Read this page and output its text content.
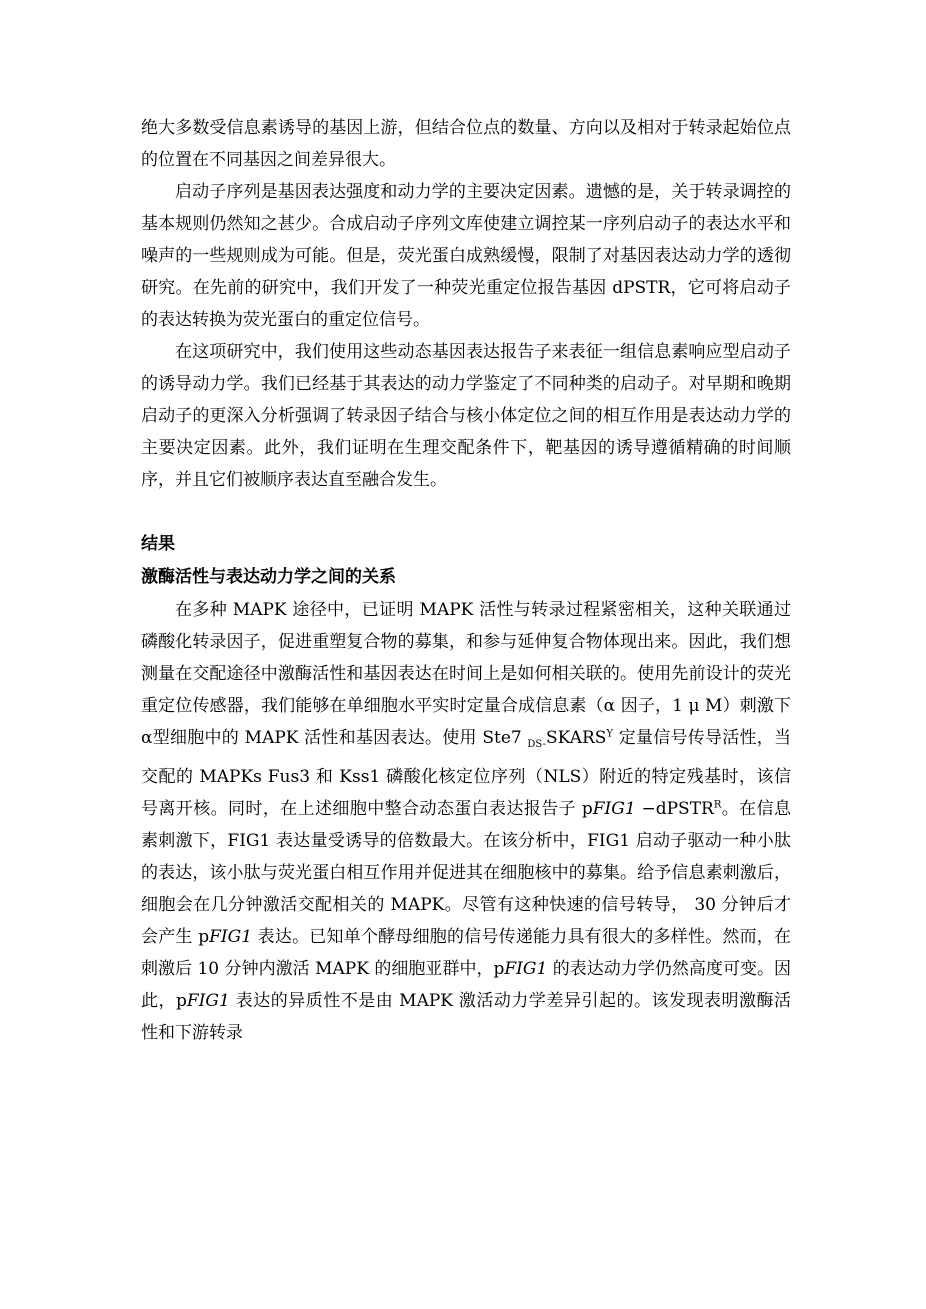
绝大多数受信息素诱导的基因上游，但结合位点的数量、方向以及相对于转录起始位点的位置在不同基因之间差异很大。

启动子序列是基因表达强度和动力学的主要决定因素。遗憾的是，关于转录调控的基本规则仍然知之甚少。合成启动子序列文库使建立调控某一序列启动子的表达水平和噪声的一些规则成为可能。但是，荧光蛋白成熟缓慢，限制了对基因表达动力学的透彻研究。在先前的研究中，我们开发了一种荧光重定位报告基因 dPSTR，它可将启动子的表达转换为荧光蛋白的重定位信号。

在这项研究中，我们使用这些动态基因表达报告子来表征一组信息素响应型启动子的诱导动力学。我们已经基于其表达的动力学鉴定了不同种类的启动子。对早期和晚期启动子的更深入分析强调了转录因子结合与核小体定位之间的相互作用是表达动力学的主要决定因素。此外，我们证明在生理交配条件下，靶基因的诱导遵循精确的时间顺序，并且它们被顺序表达直至融合发生。

结果
激酶活性与表达动力学之间的关系

在多种 MAPK 途径中，已证明 MAPK 活性与转录过程紧密相关，这种关联通过磷酸化转录因子，促进重塑复合物的募集，和参与延伸复合物体现出来。因此，我们想测量在交配途径中激酶活性和基因表达在时间上是如何相关联的。使用先前设计的荧光重定位传感器，我们能够在单细胞水平实时定量合成信息素（α 因子，1 μ M）刺激下α型细胞中的 MAPK 活性和基因表达。使用 Ste7 $_{DS-}SKARS^Y$ 定量信号传导活性，当交配的 MAPKs Fus3 和 Kss1 磷酸化核定位序列（NLS）附近的特定残基时，该信号离开核。同时，在上述细胞中整合动态蛋白表达报告子 pFIG1 −dPSTR$^R$。在信息素刺激下，FIG1 表达量受诱导的倍数最大。在该分析中，FIG1 启动子驱动一种小肽的表达，该小肽与荧光蛋白相互作用并促进其在细胞核中的募集。给予信息素刺激后，细胞会在几分钟激活交配相关的 MAPK。尽管有这种快速的信号转导， 30 分钟后才会产生 pFIG1 表达。已知单个酵母细胞的信号传递能力具有很大的多样性。然而，在刺激后 10 分钟内激活 MAPK 的细胞亚群中，pFIG1 的表达动力学仍然高度可变。因此，pFIG1 表达的异质性不是由 MAPK 激活动力学差异引起的。该发现表明激酶活性和下游转录
